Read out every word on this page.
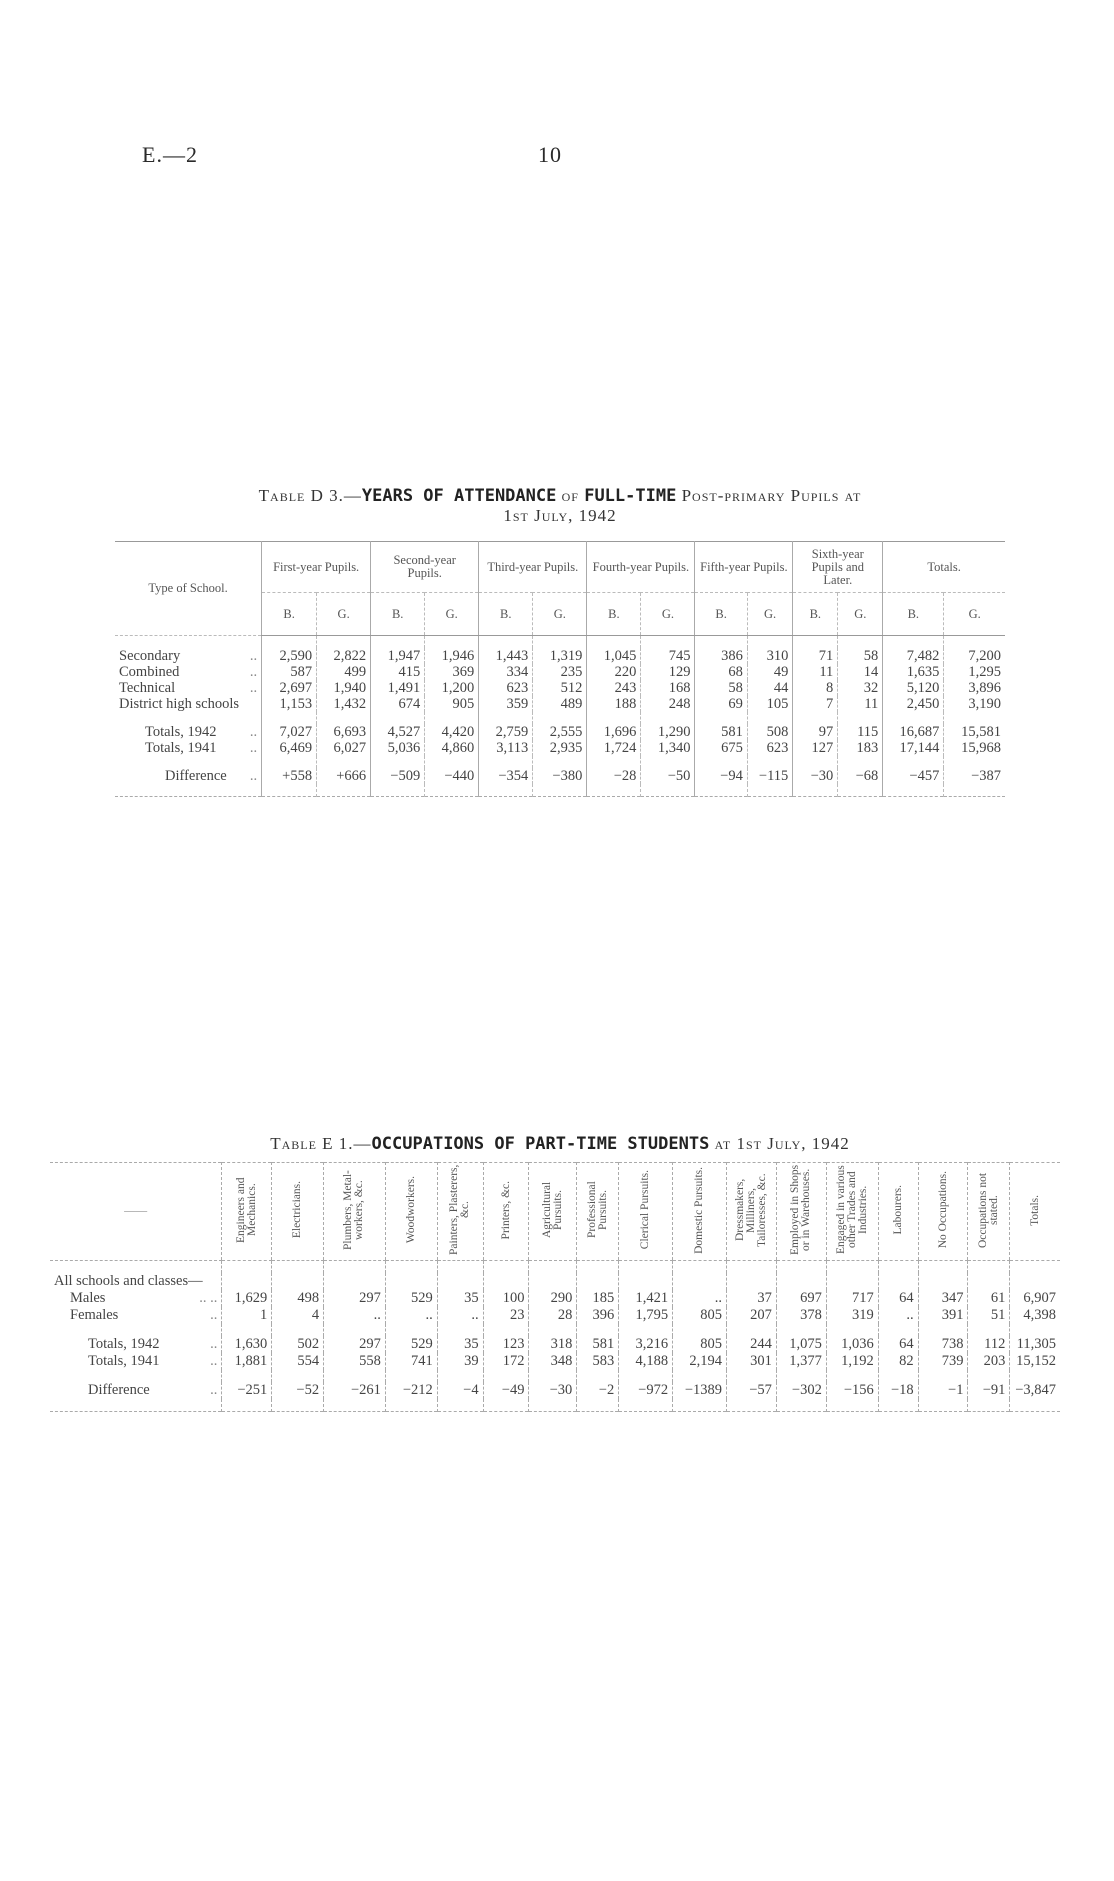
E.—2	10
Table D 3.—YEARS OF ATTENDANCE of FULL-TIME Post-primary Pupils at
1st July, 1942
Type of School.	First-year Pupils.		Second-year Pupils.		Third-year Pupils.		Fourth-year Pupils.		Fifth-year Pupils.		Sixth-year Pupils and Later.		Totals.	
	B.	G.	B.	G.	B.	G.	B.	G.	B.	G.	B.	G.	B.	G.

Secondary ..	2,590	2,822	1,947	1,946	1,443	1,319	1,045	745	386	310	71	58	7,482	7,200
Combined ..	587	499	415	369	334	235	220	129	68	49	11	14	1,635	1,295
Technical ..	2,697	1,940	1,491	1,200	623	512	243	168	58	44	8	32	5,120	3,896
District high schools	1,153	1,432	674	905	359	489	188	248	69	105	7	11	2,450	3,190

Totals, 1942 ..	7,027	6,693	4,527	4,420	2,759	2,555	1,696	1,290	581	508	97	115	16,687	15,581
Totals, 1941 ..	6,469	6,027	5,036	4,860	3,113	2,935	1,724	1,340	675	623	127	183	17,144	15,968

Difference ..	+558	+666	−509	−440	−354	−380	−28	−50	−94	−115	−30	−68	−457	−387

Table E 1.—OCCUPATIONS OF PART-TIME STUDENTS at 1st July, 1942
——	Engineers and Mechanics.	Electricians.	Plumbers, Metal-workers, &c.	Woodworkers.	Painters, Plasterers, &c.	Printers, &c.	Agricultural Pursuits.	Professional Pursuits.	Clerical Pursuits.	Domestic Pursuits.	Dressmakers, Milliners, Tailoresses, &c.	Employed in Shops or in Warehouses.	Engaged in various other Trades and Industries.	Labourers.	No Occupations.	Occupations not stated.	Totals.

All schools and classes—																	
Males .. ..	1,629	498	297	529	35	100	290	185	1,421	..	37	697	717	64	347	61	6,907
Females ..	1	4	..	..	..	23	28	396	1,795	805	207	378	319	..	391	51	4,398

Totals, 1942 ..	1,630	502	297	529	35	123	318	581	3,216	805	244	1,075	1,036	64	738	112	11,305
Totals, 1941 ..	1,881	554	558	741	39	172	348	583	4,188	2,194	301	1,377	1,192	82	739	203	15,152

Difference ..	−251	−52	−261	−212	−4	−49	−30	−2	−972	−1389	−57	−302	−156	−18	−1	−91	−3,847
